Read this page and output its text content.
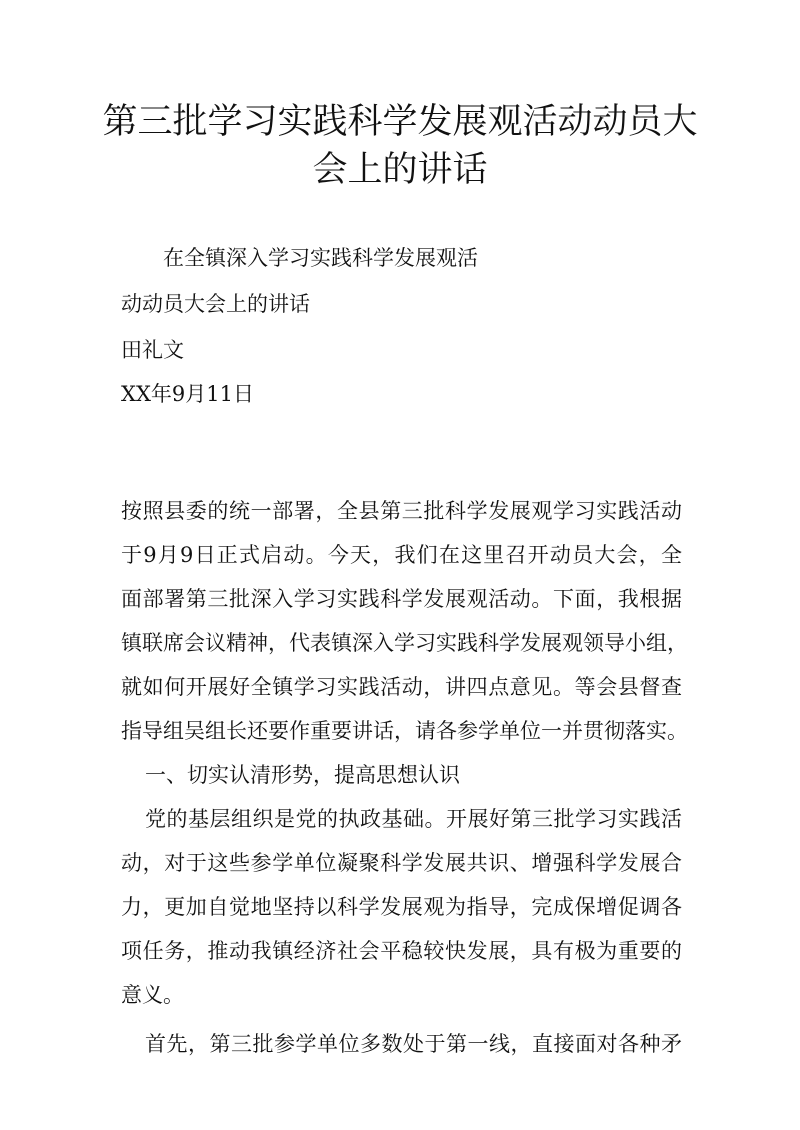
第三批学习实践科学发展观活动动员大
会上的讲话
在全镇深入学习实践科学发展观活
动动员大会上的讲话
田礼文
XX年9月11日
按照县委的统一部署，全县第三批科学发展观学习实践活动
于9月9日正式启动。今天，我们在这里召开动员大会，全
面部署第三批深入学习实践科学发展观活动。下面，我根据
镇联席会议精神，代表镇深入学习实践科学发展观领导小组，
就如何开展好全镇学习实践活动，讲四点意见。等会县督查
指导组吴组长还要作重要讲话，请各参学单位一并贯彻落实。
一、切实认清形势，提高思想认识
党的基层组织是党的执政基础。开展好第三批学习实践活
动，对于这些参学单位凝聚科学发展共识、增强科学发展合
力，更加自觉地坚持以科学发展观为指导，完成保增促调各
项任务，推动我镇经济社会平稳较快发展，具有极为重要的
意义。
首先，第三批参学单位多数处于第一线，直接面对各种矛
